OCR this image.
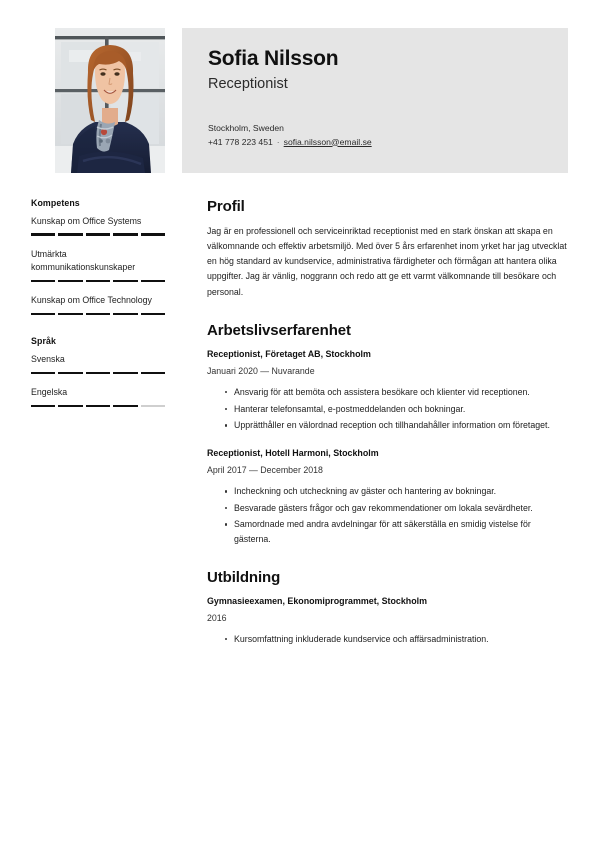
Sofia Nilsson
Receptionist
Stockholm, Sweden
+41 778 223 451 · sofia.nilsson@email.se
Kompetens
Kunskap om Office Systems
Utmärkta kommunikationskunskaper
Kunskap om Office Technology
Språk
Svenska
Engelska
Profil
Jag är en professionell och serviceinriktad receptionist med en stark önskan att skapa en välkomnande och effektiv arbetsmiljö. Med över 5 års erfarenhet inom yrket har jag utvecklat en hög standard av kundservice, administrativa färdigheter och förmågan att hantera olika uppgifter. Jag är vänlig, noggrann och redo att ge ett varmt välkomnande till besökare och personal.
Arbetslivserfarenhet
Receptionist, Företaget AB, Stockholm
Januari 2020 — Nuvarande
Ansvarig för att bemöta och assistera besökare och klienter vid receptionen.
Hanterar telefonsamtal, e-postmeddelanden och bokningar.
Upprätthåller en välordnad reception och tillhandahåller information om företaget.
Receptionist, Hotell Harmoni, Stockholm
April 2017 — December 2018
Incheckning och utcheckning av gäster och hantering av bokningar.
Besvarade gästers frågor och gav rekommendationer om lokala sevärdheter.
Samordnade med andra avdelningar för att säkerställa en smidig vistelse för gästerna.
Utbildning
Gymnasieexamen, Ekonomiprogrammet, Stockholm
2016
Kursomfattning inkluderade kundservice och affärsadministration.
